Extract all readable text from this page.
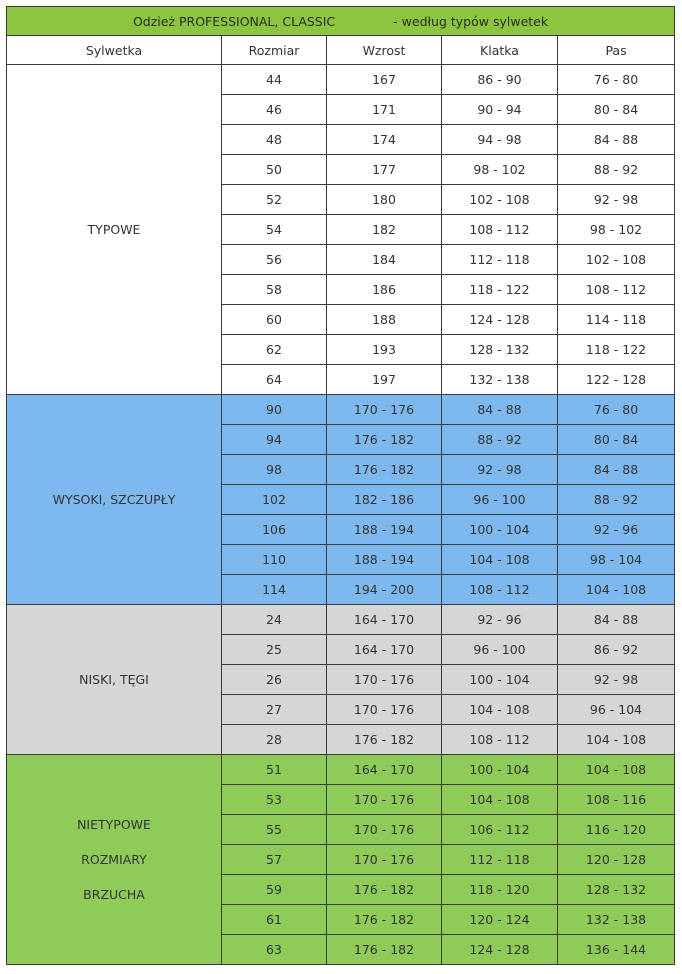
Odzież PROFESSIONAL, CLASSIC - według typów sylwetek				
Sylwetka	Rozmiar	Wzrost	Klatka	Pas

TYPOWE	44	167	86 - 90	76 - 80
	46	171	90 - 94	80 - 84
	48	174	94 - 98	84 - 88
	50	177	98 - 102	88 - 92
	52	180	102 - 108	92 - 98
	54	182	108 - 112	98 - 102
	56	184	112 - 118	102 - 108
	58	186	118 - 122	108 - 112
	60	188	124 - 128	114 - 118
	62	193	128 - 132	118 - 122
	64	197	132 - 138	122 - 128

WYSOKI, SZCZUPŁY	90	170 - 176	84 - 88	76 - 80
	94	176 - 182	88 - 92	80 - 84
	98	176 - 182	92 - 98	84 - 88
	102	182 - 186	96 - 100	88 - 92
	106	188 - 194	100 - 104	92 - 96
	110	188 - 194	104 - 108	98 - 104
	114	194 - 200	108 - 112	104 - 108

NISKI, TĘGI	24	164 - 170	92 - 96	84 - 88
	25	164 - 170	96 - 100	86 - 92
	26	170 - 176	100 - 104	92 - 98
	27	170 - 176	104 - 108	96 - 104
	28	176 - 182	108 - 112	104 - 108

NIETYPOWE
ROZMIARY
BRZUCHA	51	164 - 170	100 - 104	104 - 108
	53	170 - 176	104 - 108	108 - 116
	55	170 - 176	106 - 112	116 - 120
	57	170 - 176	112 - 118	120 - 128
	59	176 - 182	118 - 120	128 - 132
	61	176 - 182	120 - 124	132 - 138
	63	176 - 182	124 - 128	136 - 144
